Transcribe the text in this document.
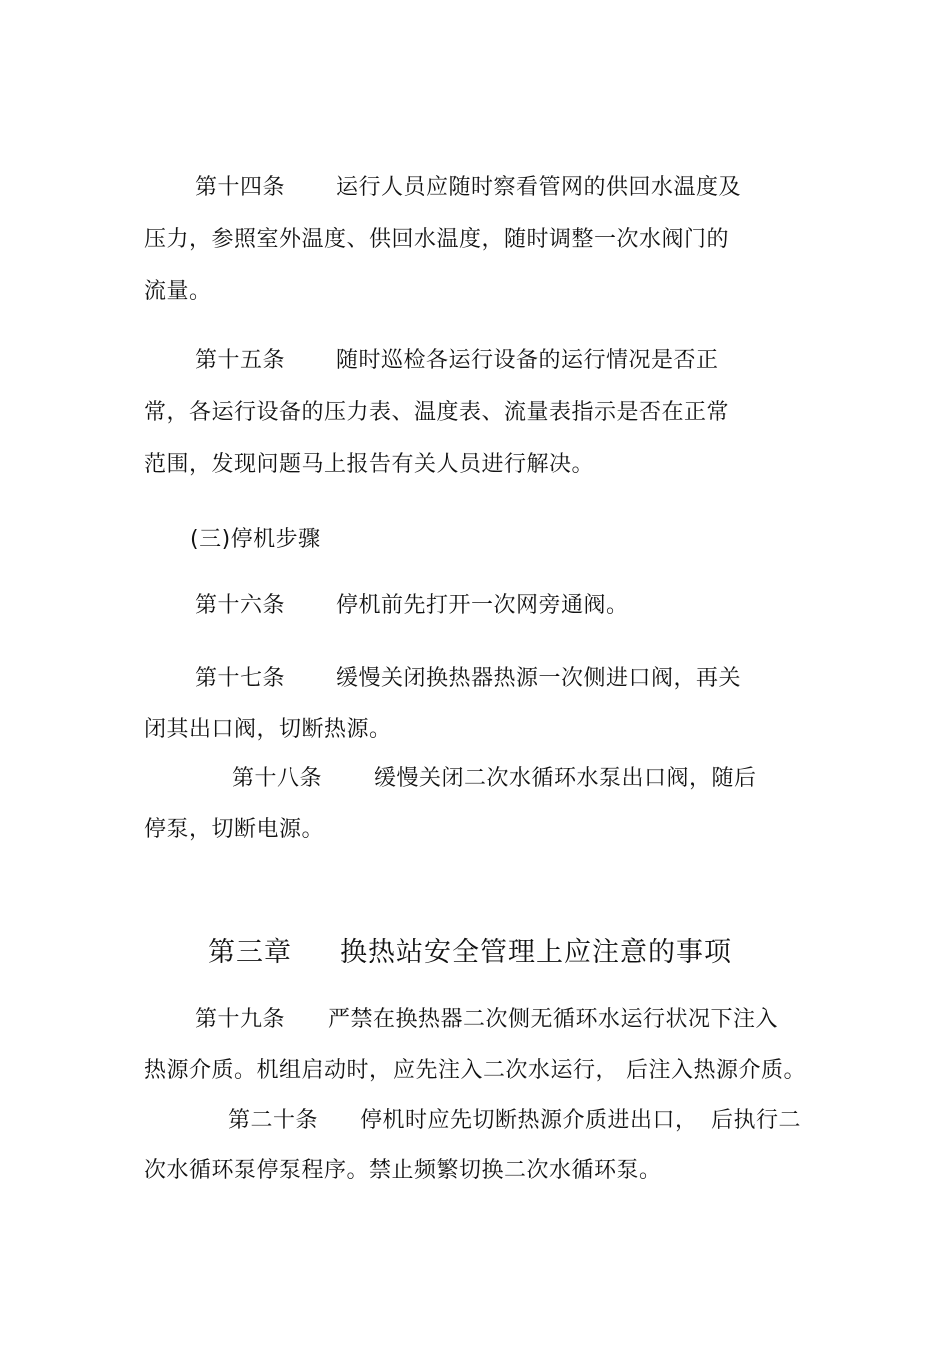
第十四条 运行人员应随时察看管网的供回水温度及
压力，参照室外温度、供回水温度，随时调整一次水阀门的
流量。
第十五条 随时巡检各运行设备的运行情况是否正
常，各运行设备的压力表、温度表、流量表指示是否在正常
范围，发现问题马上报告有关人员进行解决。
(三)停机步骤
第十六条 停机前先打开一次网旁通阀。
第十七条 缓慢关闭换热器热源一次侧进口阀，再关
闭其出口阀，切断热源。
第十八条 缓慢关闭二次水循环水泵出口阀，随后
停泵，切断电源。
第三章 换热站安全管理上应注意的事项
第十九条 严禁在换热器二次侧无循环水运行状况下注入
热源介质。机组启动时， 应先注入二次水运行， 后注入热源介质。
第二十条 停机时应先切断热源介质进出口， 后执行二
次水循环泵停泵程序。禁止频繁切换二次水循环泵。
